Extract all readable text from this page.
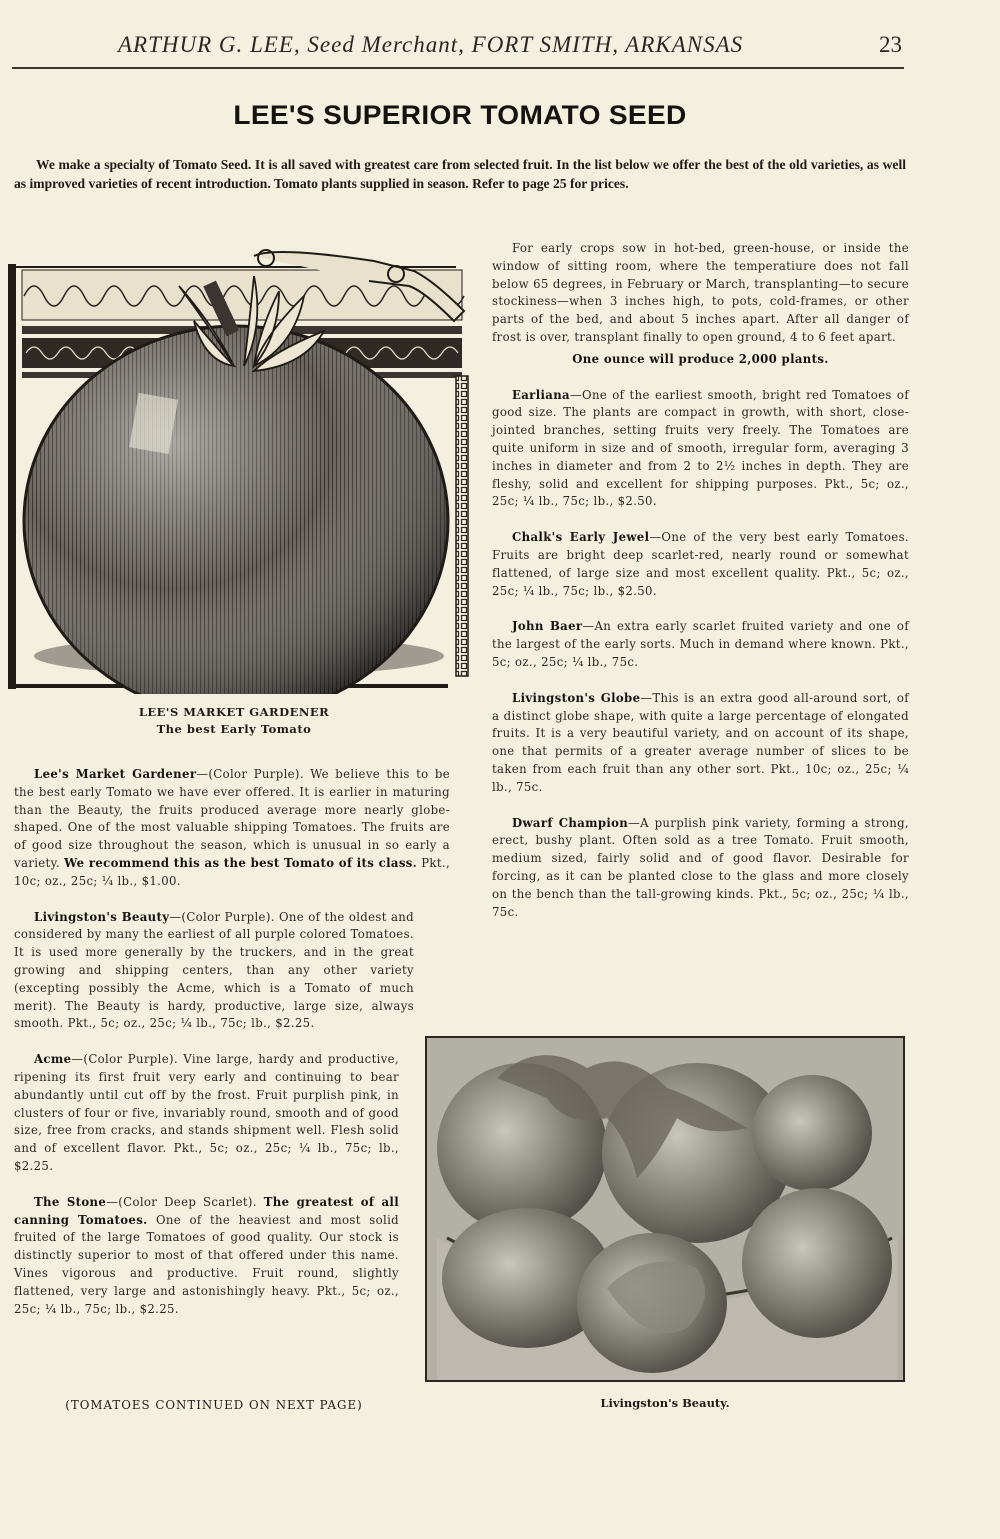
ARTHUR G. LEE, Seed Merchant, FORT SMITH, ARKANSAS	23
LEE'S SUPERIOR TOMATO SEED
We make a specialty of Tomato Seed. It is all saved with greatest care from selected fruit. In the list below we offer the best of the old varieties, as well as improved varieties of recent introduction. Tomato plants supplied in season. Refer to page 25 for prices.
LEE'S MARKET GARDENER
The best Early Tomato

For early crops sow in hot-bed, green-house, or inside the window of sitting room, where the temperatiure does not fall below 65 degrees, in February or March, transplanting—to secure stockiness—when 3 inches high, to pots, cold-frames, or other parts of the bed, and about 5 inches apart. After all danger of frost is over, transplant finally to open ground, 4 to 6 feet apart.

One ounce will produce 2,000 plants.

Earliana—One of the earliest smooth, bright red Tomatoes of good size. The plants are compact in growth, with short, close-jointed branches, setting fruits very freely. The Tomatoes are quite uniform in size and of smooth, irregular form, averaging 3 inches in diameter and from 2 to 2½ inches in depth. They are fleshy, solid and excellent for shipping purposes. Pkt., 5c; oz., 25c; ¼ lb., 75c; lb., $2.50.

Chalk's Early Jewel—One of the very best early Tomatoes. Fruits are bright deep scarlet-red, nearly round or somewhat flattened, of large size and most excellent quality. Pkt., 5c; oz., 25c; ¼ lb., 75c; lb., $2.50.

John Baer—An extra early scarlet fruited variety and one of the largest of the early sorts. Much in demand where known. Pkt., 5c; oz., 25c; ¼ lb., 75c.

Livingston's Globe—This is an extra good all-around sort, of a distinct globe shape, with quite a large percentage of elongated fruits. It is a very beautiful variety, and on account of its shape, one that permits of a greater average number of slices to be taken from each fruit than any other sort. Pkt., 10c; oz., 25c; ¼ lb., 75c.

Dwarf Champion—A purplish pink variety, forming a strong, erect, bushy plant. Often sold as a tree Tomato. Fruit smooth, medium sized, fairly solid and of good flavor. Desirable for forcing, as it can be planted close to the glass and more closely on the bench than the tall-growing kinds. Pkt., 5c; oz., 25c; ¼ lb., 75c.

Lee's Market Gardener—(Color Purple). We believe this to be the best early Tomato we have ever offered. It is earlier in maturing than the Beauty, the fruits produced average more nearly globe-shaped. One of the most valuable shipping Tomatoes. The fruits are of good size throughout the season, which is unusual in so early a variety. We recommend this as the best Tomato of its class. Pkt., 10c; oz., 25c; ¼ lb., $1.00.

Livingston's Beauty—(Color Purple). One of the oldest and considered by many the earliest of all purple colored Tomatoes. It is used more generally by the truckers, and in the great growing and shipping centers, than any other variety (excepting possibly the Acme, which is a Tomato of much merit). The Beauty is hardy, productive, large size, always smooth. Pkt., 5c; oz., 25c; ¼ lb., 75c; lb., $2.25.

Acme—(Color Purple). Vine large, hardy and productive, ripening its first fruit very early and continuing to bear abundantly until cut off by the frost. Fruit purplish pink, in clusters of four or five, invariably round, smooth and of good size, free from cracks, and stands shipment well. Flesh solid and of excellent flavor. Pkt., 5c; oz., 25c; ¼ lb., 75c; lb., $2.25.

The Stone—(Color Deep Scarlet). The greatest of all canning Tomatoes. One of the heaviest and most solid fruited of the large Tomatoes of good quality. Our stock is distinctly superior to most of that offered under this name. Vines vigorous and productive. Fruit round, slightly flattened, very large and astonishingly heavy. Pkt., 5c; oz., 25c; ¼ lb., 75c; lb., $2.25.

Livingston's Beauty.
(TOMATOES CONTINUED ON NEXT PAGE)
